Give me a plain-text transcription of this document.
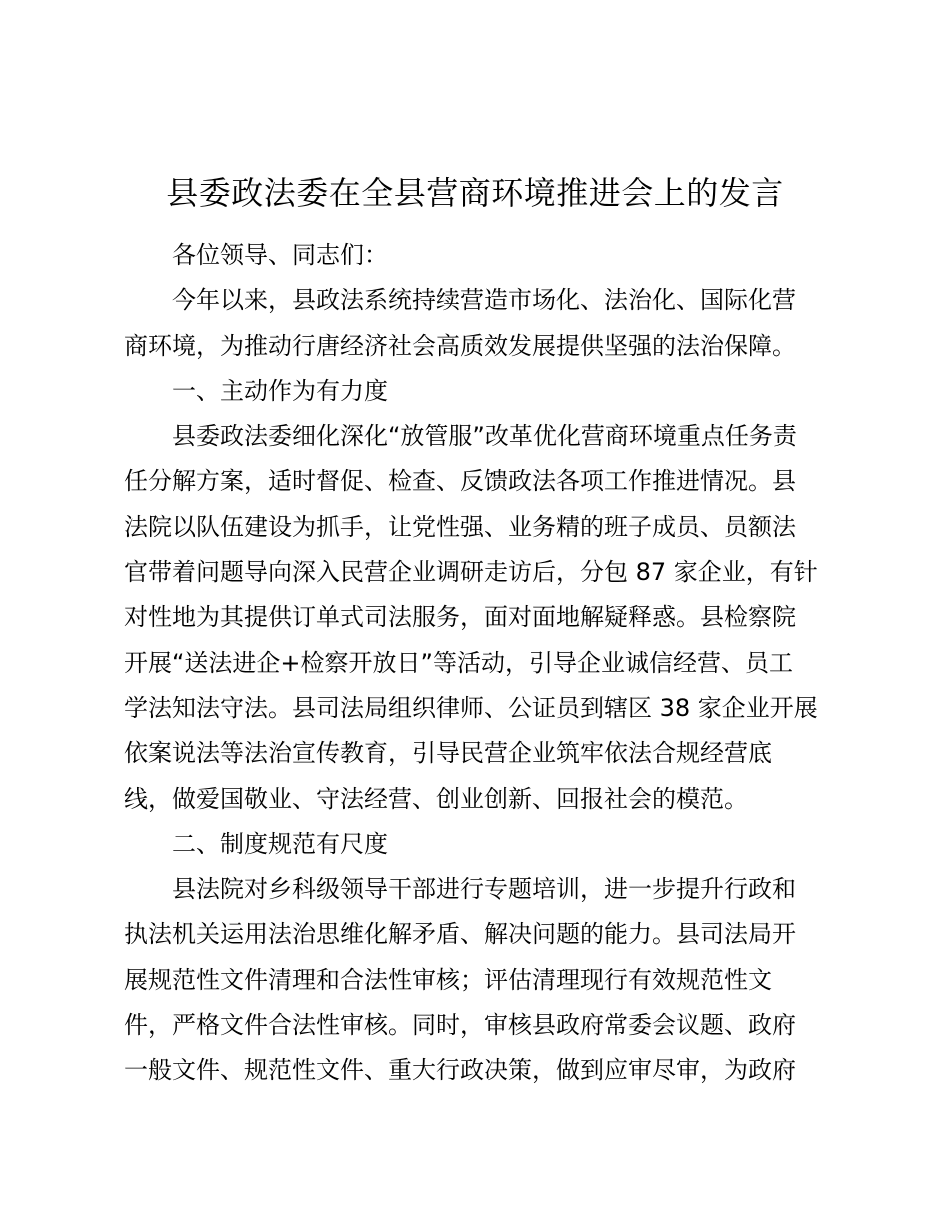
县委政法委在全县营商环境推进会上的发言
各位领导、同志们：
今年以来，县政法系统持续营造市场化、法治化、国际化营
商环境，为推动行唐经济社会高质效发展提供坚强的法治保障。
一、主动作为有力度
县委政法委细化深化“放管服”改革优化营商环境重点任务责
任分解方案，适时督促、检查、反馈政法各项工作推进情况。县
法院以队伍建设为抓手，让党性强、业务精的班子成员、员额法
官带着问题导向深入民营企业调研走访后，分包 87 家企业，有针
对性地为其提供订单式司法服务，面对面地解疑释惑。县检察院
开展“送法进企+检察开放日”等活动，引导企业诚信经营、员工
学法知法守法。县司法局组织律师、公证员到辖区 38 家企业开展
依案说法等法治宣传教育，引导民营企业筑牢依法合规经营底
线，做爱国敬业、守法经营、创业创新、回报社会的模范。
二、制度规范有尺度
县法院对乡科级领导干部进行专题培训，进一步提升行政和
执法机关运用法治思维化解矛盾、解决问题的能力。县司法局开
展规范性文件清理和合法性审核；评估清理现行有效规范性文
件，严格文件合法性审核。同时，审核县政府常委会议题、政府
一般文件、规范性文件、重大行政决策，做到应审尽审，为政府
